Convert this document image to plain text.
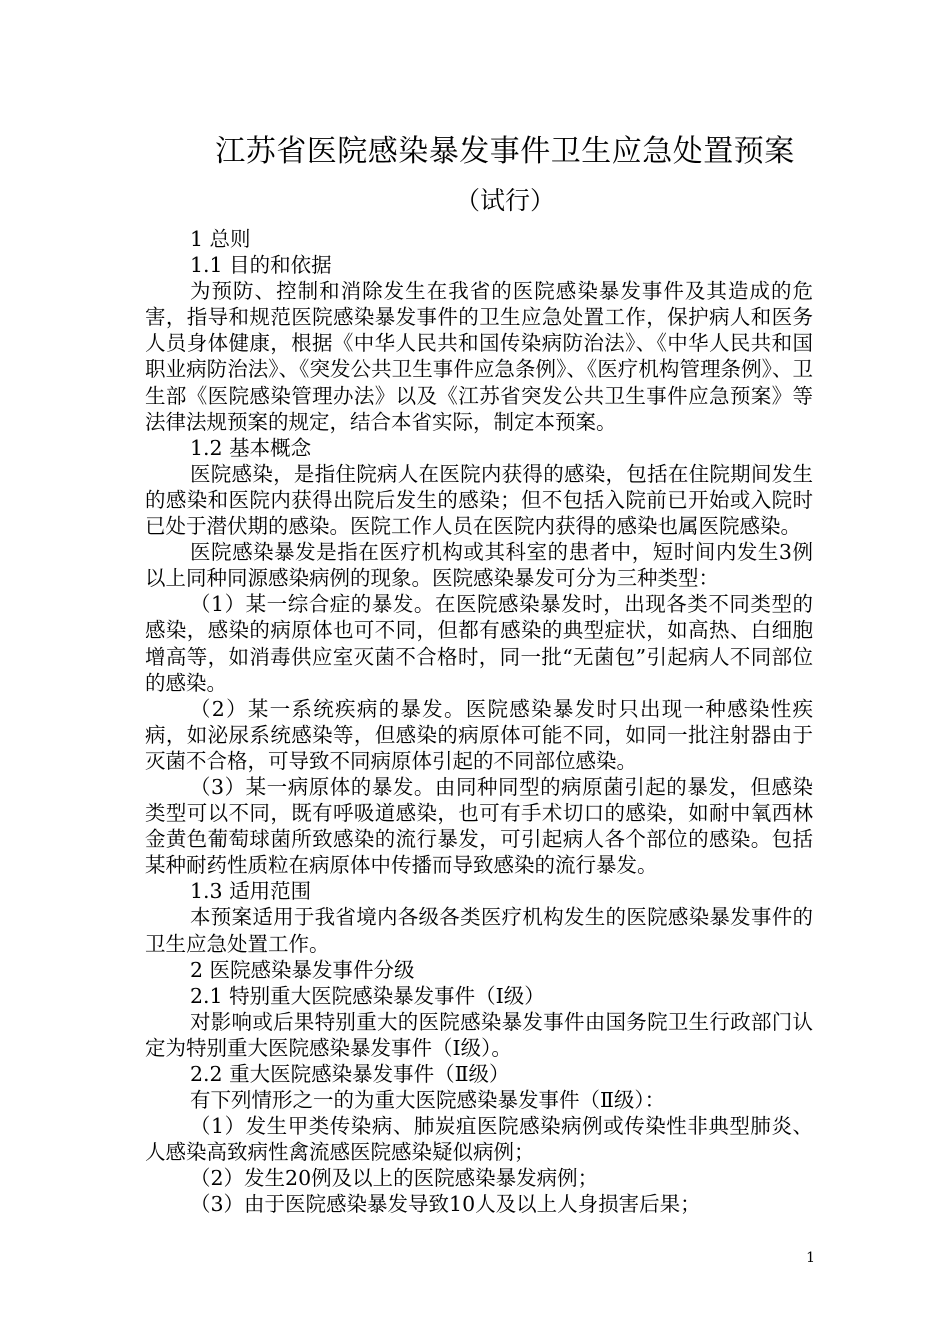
江苏省医院感染暴发事件卫生应急处置预案
（试行）

1 总则

1.1 目的和依据

为预防、控制和消除发生在我省的医院感染暴发事件及其造成的危害，指导和规范医院感染暴发事件的卫生应急处置工作，保护病人和医务人员身体健康，根据《中华人民共和国传染病防治法》、《中华人民共和国职业病防治法》、《突发公共卫生事件应急条例》、《医疗机构管理条例》、卫生部《医院感染管理办法》以及《江苏省突发公共卫生事件应急预案》等法律法规预案的规定，结合本省实际，制定本预案。

1.2 基本概念

医院感染，是指住院病人在医院内获得的感染，包括在住院期间发生的感染和医院内获得出院后发生的感染；但不包括入院前已开始或入院时已处于潜伏期的感染。医院工作人员在医院内获得的感染也属医院感染。

医院感染暴发是指在医疗机构或其科室的患者中，短时间内发生3例以上同种同源感染病例的现象。医院感染暴发可分为三种类型：

（1）某一综合症的暴发。在医院感染暴发时，出现各类不同类型的感染，感染的病原体也可不同，但都有感染的典型症状，如高热、白细胞增高等，如消毒供应室灭菌不合格时，同一批“无菌包”引起病人不同部位的感染。

（2）某一系统疾病的暴发。医院感染暴发时只出现一种感染性疾病，如泌尿系统感染等，但感染的病原体可能不同，如同一批注射器由于灭菌不合格，可导致不同病原体引起的不同部位感染。

（3）某一病原体的暴发。由同种同型的病原菌引起的暴发，但感染类型可以不同，既有呼吸道感染，也可有手术切口的感染，如耐中氧西林金黄色葡萄球菌所致感染的流行暴发，可引起病人各个部位的感染。包括某种耐药性质粒在病原体中传播而导致感染的流行暴发。

1.3 适用范围

本预案适用于我省境内各级各类医疗机构发生的医院感染暴发事件的卫生应急处置工作。

2 医院感染暴发事件分级

2.1 特别重大医院感染暴发事件（Ⅰ级）

对影响或后果特别重大的医院感染暴发事件由国务院卫生行政部门认定为特别重大医院感染暴发事件（Ⅰ级）。

2.2 重大医院感染暴发事件（Ⅱ级）

有下列情形之一的为重大医院感染暴发事件（Ⅱ级）：

（1）发生甲类传染病、肺炭疽医院感染病例或传染性非典型肺炎、人感染高致病性禽流感医院感染疑似病例；

（2）发生20例及以上的医院感染暴发病例；

（3）由于医院感染暴发导致10人及以上人身损害后果；

1
